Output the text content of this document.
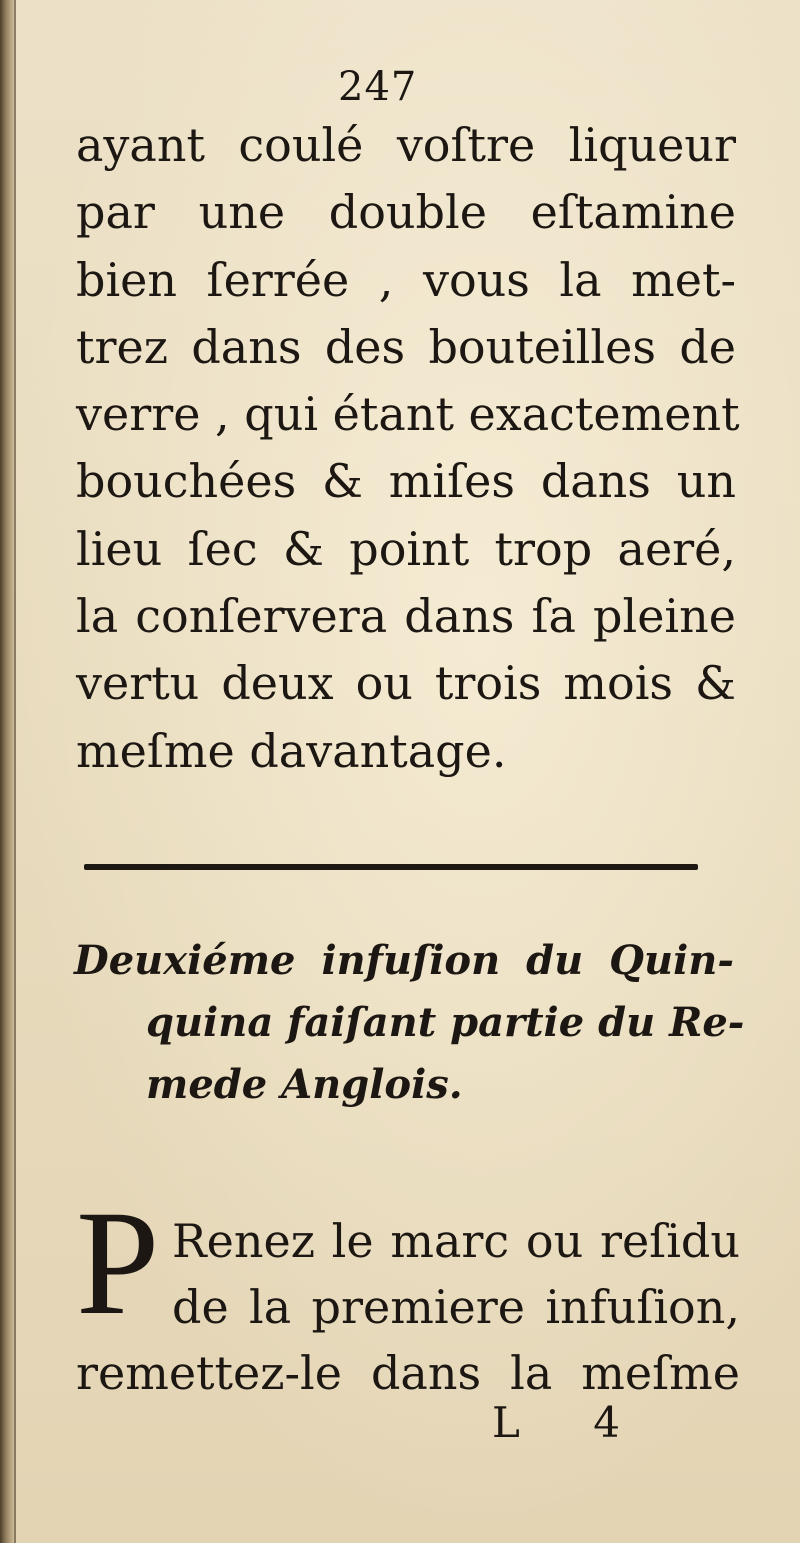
247

ayant coulé voſtre liqueur
par une double eſtamine
bien ſerrée , vous la met-
trez dans des bouteilles de
verre , qui étant exactement
bouchées & miſes dans un
lieu ſec & point trop aeré,
la conſervera dans ſa pleine
vertu deux ou trois mois &
meſme davantage.

Deuxiéme infuſion du Quin-
quina faiſant partie du Re-
mede Anglois.
P Renez le marc ou reſidu
de la premiere infuſion,
remettez-le dans la meſme

L 4
